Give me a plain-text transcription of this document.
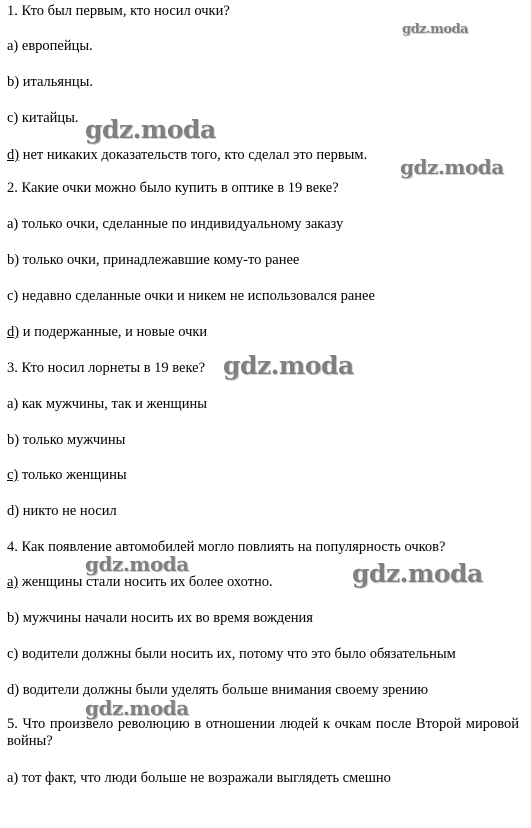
1. Кто был первым, кто носил очки?
a) европейцы.
b) итальянцы.
c) китайцы.
d) нет никаких доказательств того, кто сделал это первым.
2. Какие очки можно было купить в оптике в 19 веке?
a) только очки, сделанные по индивидуальному заказу
b) только очки, принадлежавшие кому-то ранее
c) недавно сделанные очки и никем не использовался ранее
d) и подержанные, и новые очки
3. Кто носил лорнеты в 19 веке?
a) как мужчины, так и женщины
b) только мужчины
c) только женщины
d) никто не носил
4. Как появление автомобилей могло повлиять на популярность очков?
a) женщины стали носить их более охотно.
b) мужчины начали носить их во время вождения
c) водители должны были носить их, потому что это было обязательным
d) водители должны были уделять больше внимания своему зрению
5. Что произвело революцию в отношении людей к очкам после Второй мировой войны?
a) тот факт, что люди больше не возражали выглядеть смешно
gdz.moda
gdz.moda
gdz.moda
gdz.moda
gdz.moda	gdz.moda
gdz.moda
